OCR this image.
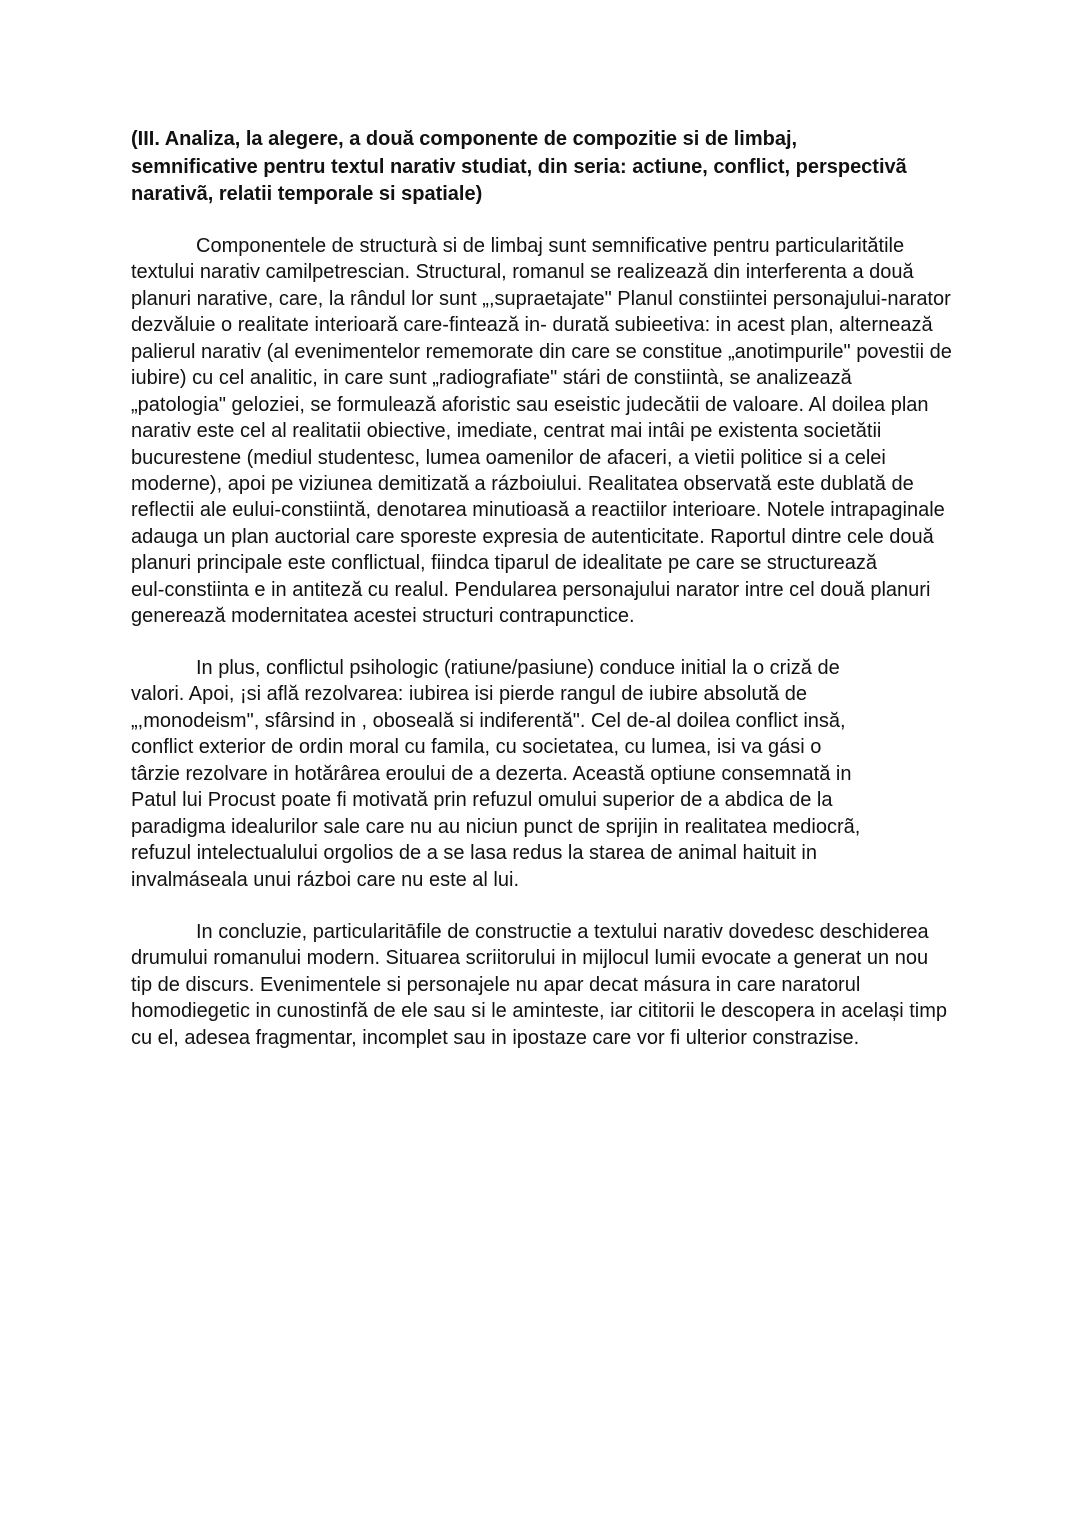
(III. Analiza, la alegere, a două componente de compozitie si de limbaj,
semnificative pentru textul narativ studiat, din seria: actiune, conflict, perspectivã
narativã, relatii temporale si spatiale)
Componentele de structurà si de limbaj sunt semnificative pentru particularitătile
textului narativ camilpetrescian. Structural, romanul se realizează din interferenta a două
planuri narative, care, la rândul lor sunt „,supraetajate" Planul constiintei personajului-narator
dezvăluie o realitate interioară care-fintează in- durată subieetiva: in acest plan, alternează
palierul narativ (al evenimentelor rememorate din care se constitue „anotimpurile" povestii de
iubire) cu cel analitic, in care sunt „radiografiate" stári de constiintà, se analizează
„patologia" geloziei, se formulează aforistic sau eseistic judecătii de valoare. Al doilea plan
narativ este cel al realitatii obiective, imediate, centrat mai intâi pe existenta societătii
bucurestene (mediul studentesc, lumea oamenilor de afaceri, a vietii politice si a celei
moderne), apoi pe viziunea demitizată a rázboiului. Realitatea observată este dublată de
reflectii ale eului-constiintă, denotarea minutioasă a reactiilor interioare. Notele intrapaginale
adauga un plan auctorial care sporeste expresia de autenticitate. Raportul dintre cele două
planuri principale este conflictual, fiindca tiparul de idealitate pe care se structurează
eul-constiinta e in antiteză cu realul. Pendularea personajului narator intre cel două planuri
generează modernitatea acestei structuri contrapunctice.
In plus, conflictul psihologic (ratiune/pasiune) conduce initial la o criză de
valori. Apoi, ¡si află rezolvarea: iubirea isi pierde rangul de iubire absolută de
„,monodeism", sfârsind in , oboseală si indiferentă". Cel de-al doilea conflict insă,
conflict exterior de ordin moral cu famila, cu societatea, cu lumea, isi va gási o
târzie rezolvare in hotărârea eroului de a dezerta. Această optiune consemnată in
Patul lui Procust poate fi motivată prin refuzul omului superior de a abdica de la
paradigma idealurilor sale care nu au niciun punct de sprijin in realitatea mediocrã,
refuzul intelectualului orgolios de a se lasa redus la starea de animal haituit in
invalmáseala unui rázboi care nu este al lui.
In concluzie, particularitāfile de constructie a textului narativ dovedesc deschiderea
drumului romanului modern. Situarea scriitorului in mijlocul lumii evocate a generat un nou
tip de discurs. Evenimentele si personajele nu apar decat másura in care naratorul
homodiegetic in cunostinfă de ele sau si le aminteste, iar cititorii le descopera in același timp
cu el, adesea fragmentar, incomplet sau in ipostaze care vor fi ulterior constrazise.
